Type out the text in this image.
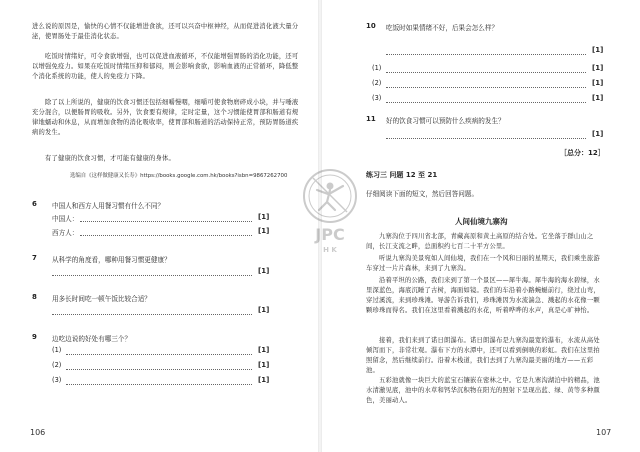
进么说的原因是，愉快的心情不仅能增进食欲，还可以兴奋中枢神经，从而促进消化液大量分泌，使胃肠处于最佳消化状态。
吃饭时情绪好，可令食欲增强，也可以促进血液循环，不仅能增强胃肠的消化功能，还可以增强免疫力。如果在吃饭时情绪压抑和郁闷，则会影响食欲，影响血液的正常循环，降低整个消化系统的功能，使人的免疫力下降。
除了以上所说的，健康的饮食习惯还包括细嚼慢咽，细嚼可使食物磨碎成小块，并与唾液充分混合，以便肠胃的吸收。另外，饮食要有规律，定时定量，这个习惯能使胃部和肠道有规律地蠕动和休息，从而增加食物的消化吸收率，使胃部和肠道的活动保持正常，预防胃肠道疾病的发生。
有了健康的饮食习惯，才可能有健康的身体。
选编自《这样做健康又长寿》https://books.google.com.hk/books?isbn=9867262700
6 中国人和西方人用餐习惯有什么不同？
中国人：	[1]
西方人：	[1]
7 从科学的角度看，哪种用餐习惯更健康？
[1]
8 用多长时间吃一顿午饭比较合适？
[1]
9 边吃边说的好处有哪三个？
(1)	[1]
(2)	[1]
(3)	[1]
106
10 吃饭时如果情绪不好，后果会怎么样？
[1]
(1)	[1]
(2)	[1]
(3)	[1]
11 好的饮食习惯可以预防什么疾病的发生？
[1]
［总分：12］
练习三 问题 12 至 21
仔细阅读下面的短文，然后回答问题。
人间仙境九寨沟
九寨沟位于四川省北部，青藏高原和黄土高原的结合处。它坐落于群山山之间，长江支流之畔，总面积约七百二十平方公里。
听说九寨沟美景宛如人间仙境，我们在一个风和日丽的星期天，我们乘坐旅游车穿过一片片森林，来到了九寨沟。
沿着平坦的公路，我们来到了第一个景区——犀牛海。犀牛海的海水碧绿，水里深蓝色，海底沉睡了古树，海面如镜。我们的车沿着小路蜿蜒前行，绕过山弯，穿过溪流，来到珍珠滩。导游告诉我们，珍珠滩因为水流湍急、溅起的水花像一颗颗珍珠而得名。我们在这里看着溅起的水花，听着哗哗的水声，真是心旷神怡。
接着，我们来到了诺日朗瀑布。诺日朗瀑布是九寨沟最宽的瀑布，水流从高处倾泻而下，非常壮观。瀑布下方的水潭中，还可以看到倒映的彩虹。我们在这里拍照留念，然后继续前行。沿着木栈道，我们去到了九寨沟最美丽的地方——五彩池。
五彩池就像一块巨大的蓝宝石镶嵌在密林之中。它是九寨沟湖泊中的精品，池水清澈见底，池中的水草和钙华沉积物在阳光的照射下呈现出蓝、绿、黄等多种颜色，美丽动人。
107
JPC
H K
